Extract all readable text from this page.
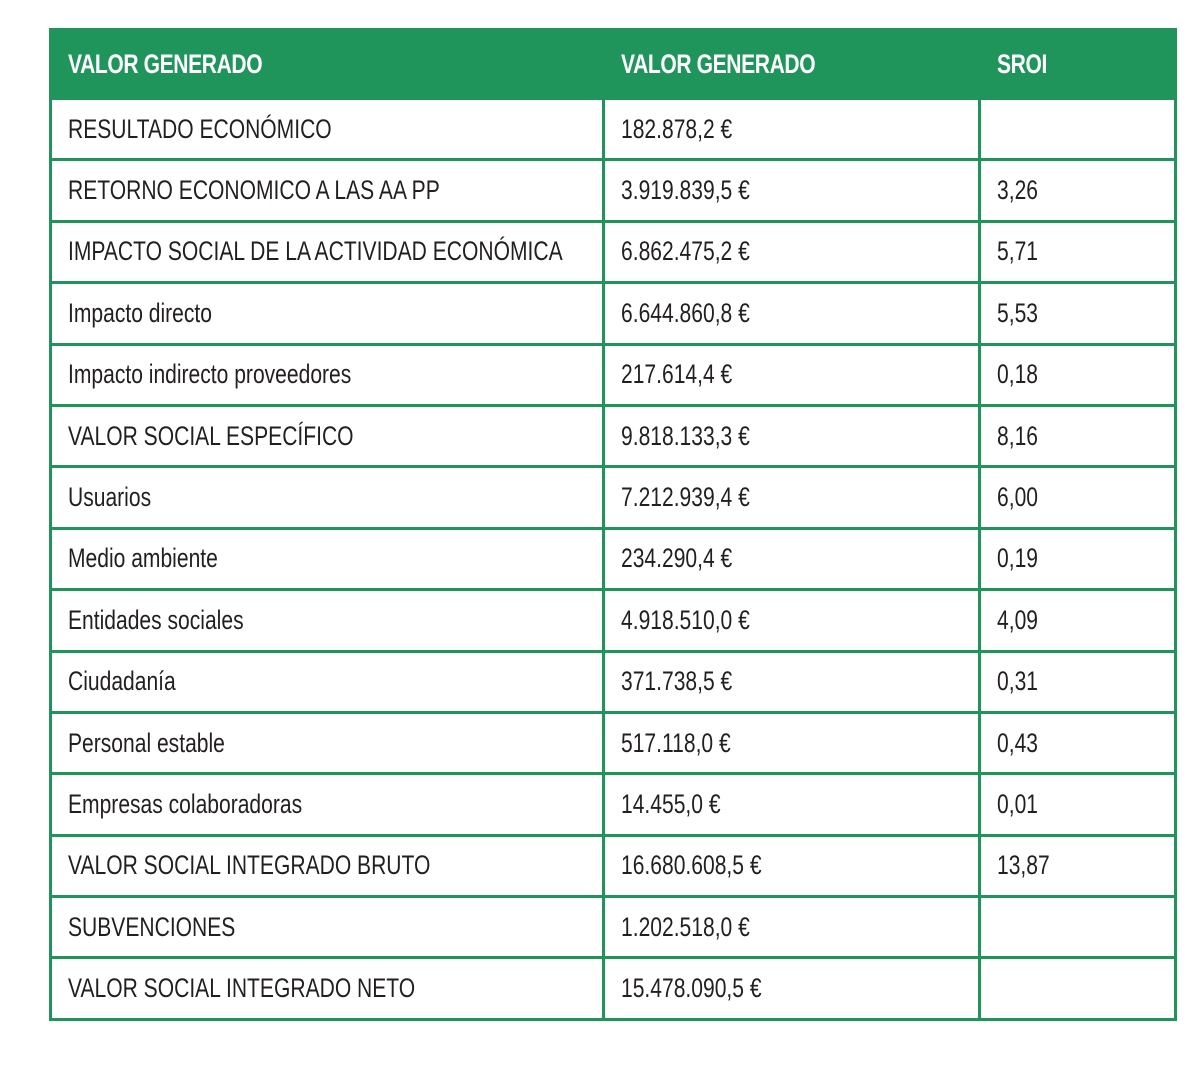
VALOR GENERADO	VALOR GENERADO	SROI
RESULTADO ECONÓMICO	182.878,2 €	
RETORNO ECONOMICO A LAS AA PP	3.919.839,5 €	3,26
IMPACTO SOCIAL DE LA ACTIVIDAD ECONÓMICA	6.862.475,2 €	5,71
Impacto directo	6.644.860,8 €	5,53
Impacto indirecto proveedores	217.614,4 €	0,18
VALOR SOCIAL ESPECÍFICO	9.818.133,3 €	8,16
Usuarios	7.212.939,4 €	6,00
Medio ambiente	234.290,4 €	0,19
Entidades sociales	4.918.510,0 €	4,09
Ciudadanía	371.738,5 €	0,31
Personal estable	517.118,0 €	0,43
Empresas colaboradoras	14.455,0 €	0,01
VALOR SOCIAL INTEGRADO BRUTO	16.680.608,5 €	13,87
SUBVENCIONES	1.202.518,0 €	
VALOR SOCIAL INTEGRADO NETO	15.478.090,5 €	
